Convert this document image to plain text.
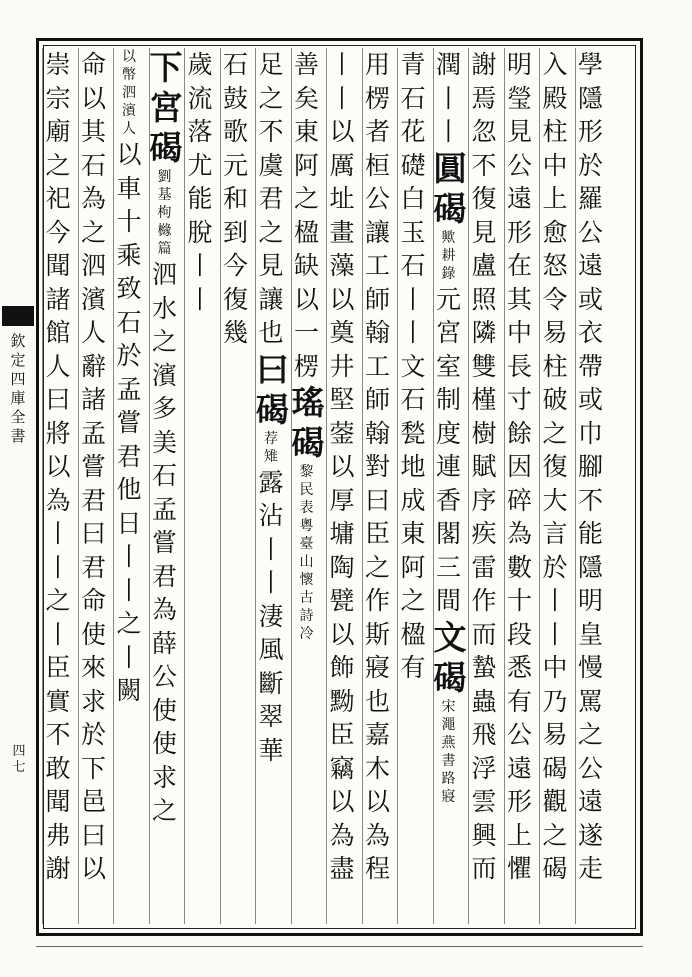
欽
定
四
庫
全
書
四
七
學
隱
形
於
羅
公
遠
或
衣
帶
或
巾
腳
不
能
隱
明
皇
慢
罵
之
公
遠
遂
走
入
殿
柱
中
上
愈
怒
令
易
柱
破
之
復
大
言
於
丨
丨
中
乃
易
碣
觀
之
碣
明
瑩
見
公
遠
形
在
其
中
長
寸
餘
因
碎
為
數
十
段
悉
有
公
遠
形
上
懼
謝
焉
忽
不
復
見
盧
照
隣
雙
槿
樹
賦
序
疾
雷
作
而
蟄
蟲
飛
浮
雲
興
而
潤
丨
丨
圓
碣
歟
耕
錄
元
宮
室
制
度
連
香
閣
三
間
文
碣
宋
澠
燕
書
路
寢
青
石
花
礎
白
玉
石
丨
丨
文
石
甃
地
成
東
阿
之
楹
有
用
楞
者
桓
公
讓
工
師
翰
工
師
翰
對
曰
臣
之
作
斯
寢
也
嘉
木
以
為
程
丨
丨
以
厲
址
畫
藻
以
奠
井
堅
蓥
以
厚
墉
陶
甓
以
飾
黝
臣
竊
以
為
盡
善
矣
東
阿
之
楹
缺
以
一
楞
瑤
碣
黎
民
表
粵
臺
山
懷
古
詩
冷
足
之
不
虞
君
之
見
讓
也
曰
碣
荐
雉
露
沾
丨
丨
淒
風
斷
翠
華
石
鼓
歌
元
和
到
今
復
幾
歲
流
落
尤
能
脫
丨
丨
下
宮
碣
劉
基
枸
櫞
篇
泗
水
之
濱
多
美
石
孟
嘗
君
為
薛
公
使
使
求
之
以
幣
泗
濱
人
以
車
十
乘
致
石
於
孟
嘗
君
他
日
丨
丨
之
丨
闕
命
以
其
石
為
之
泗
濱
人
辭
諸
孟
嘗
君
曰
君
命
使
來
求
於
下
邑
曰
以
崇
宗
廟
之
祀
今
聞
諸
館
人
曰
將
以
為
丨
丨
之
丨
臣
實
不
敢
聞
弗
謝
